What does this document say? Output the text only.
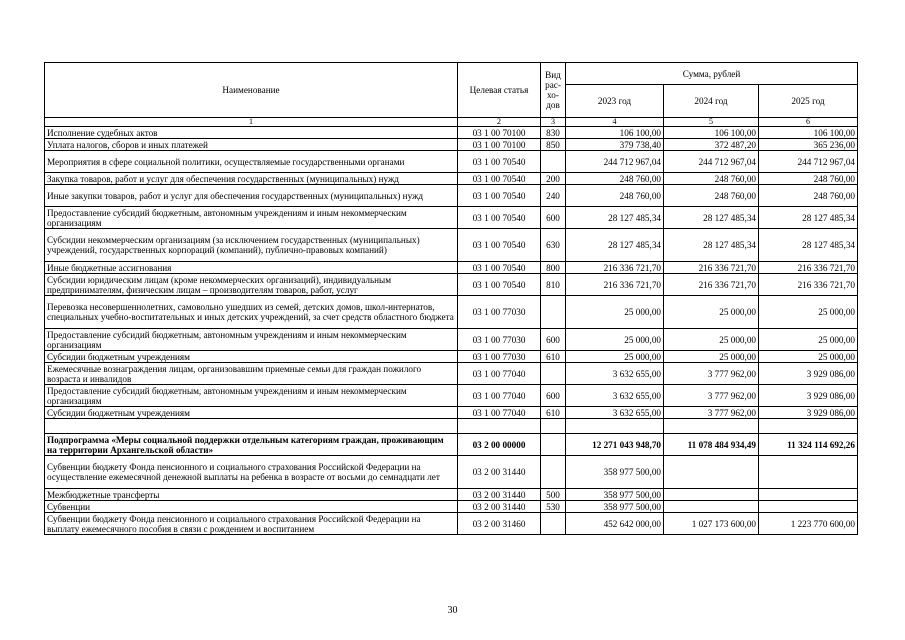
Наименование	Целевая статья	Вид рас-хо-дов	Сумма, рублей		
			2023 год	2024 год	2025 год
1	2	3	4	5	6
Исполнение судебных актов	03 1 00 70100	830	106 100,00	106 100,00	106 100,00
Уплата налогов, сборов и иных платежей	03 1 00 70100	850	379 738,40	372 487,20	365 236,00
Мероприятия в сфере социальной политики, осуществляемые государственными органами	03 1 00 70540		244 712 967,04	244 712 967,04	244 712 967,04
Закупка товаров, работ и услуг для обеспечения государственных (муниципальных) нужд	03 1 00 70540	200	248 760,00	248 760,00	248 760,00
Иные закупки товаров, работ и услуг для обеспечения государственных (муниципальных) нужд	03 1 00 70540	240	248 760,00	248 760,00	248 760,00
Предоставление субсидий бюджетным, автономным учреждениям и иным некоммерческим организациям	03 1 00 70540	600	28 127 485,34	28 127 485,34	28 127 485,34
Субсидии некоммерческим организациям (за исключением государственных (муниципальных) учреждений, государственных корпораций (компаний), публично-правовых компаний)	03 1 00 70540	630	28 127 485,34	28 127 485,34	28 127 485,34
Иные бюджетные ассигнования	03 1 00 70540	800	216 336 721,70	216 336 721,70	216 336 721,70
Субсидии юридическим лицам (кроме некоммерческих организаций), индивидуальным предпринимателям, физическим лицам – производителям товаров, работ, услуг	03 1 00 70540	810	216 336 721,70	216 336 721,70	216 336 721,70
Перевозка несовершеннолетних, самовольно ушедших из семей, детских домов, школ-интернатов, специальных учебно-воспитательных и иных детских учреждений, за счет средств областного бюджета	03 1 00 77030		25 000,00	25 000,00	25 000,00
Предоставление субсидий бюджетным, автономным учреждениям и иным некоммерческим организациям	03 1 00 77030	600	25 000,00	25 000,00	25 000,00
Субсидии бюджетным учреждениям	03 1 00 77030	610	25 000,00	25 000,00	25 000,00
Ежемесячные вознаграждения лицам, организовавшим приемные семьи для граждан пожилого возраста и инвалидов	03 1 00 77040		3 632 655,00	3 777 962,00	3 929 086,00
Предоставление субсидий бюджетным, автономным учреждениям и иным некоммерческим организациям	03 1 00 77040	600	3 632 655,00	3 777 962,00	3 929 086,00
Субсидии бюджетным учреждениям	03 1 00 77040	610	3 632 655,00	3 777 962,00	3 929 086,00

Подпрограмма «Меры социальной поддержки отдельным категориям граждан, проживающим на территории Архангельской области»	03 2 00 00000		12 271 043 948,70	11 078 484 934,49	11 324 114 692,26
Субвенции бюджету Фонда пенсионного и социального страхования Российской Федерации на осуществление ежемесячной денежной выплаты на ребенка в возрасте от восьми до семнадцати лет	03 2 00 31440		358 977 500,00		
Межбюджетные трансферты	03 2 00 31440	500	358 977 500,00		
Субвенции	03 2 00 31440	530	358 977 500,00		
Субвенции бюджету Фонда пенсионного и социального страхования Российской Федерации на выплату ежемесячного пособия в связи с рождением и воспитанием	03 2 00 31460		452 642 000,00	1 027 173 600,00	1 223 770 600,00
30
